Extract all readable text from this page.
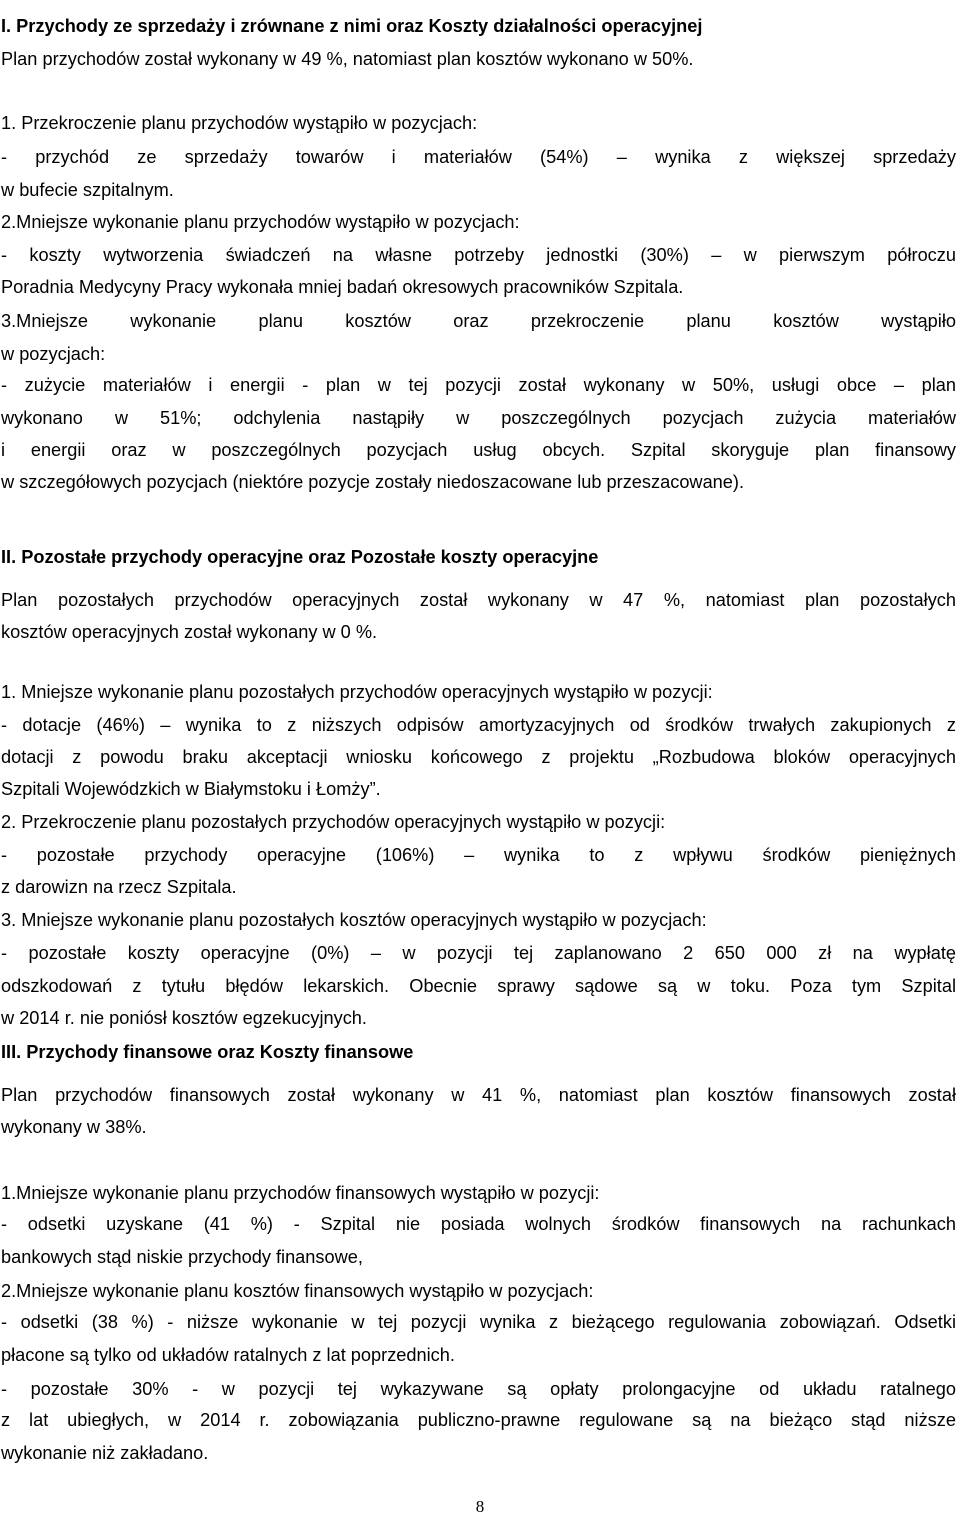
I. Przychody ze sprzedaży i zrównane z nimi oraz Koszty działalności operacyjnej
Plan przychodów został wykonany w 49 %, natomiast plan kosztów wykonano w 50%.
1. Przekroczenie planu przychodów wystąpiło w pozycjach:
- przychód ze sprzedaży towarów i materiałów (54%) – wynika z większej sprzedaży
w bufecie szpitalnym.
2.Mniejsze wykonanie planu przychodów wystąpiło w pozycjach:
- koszty wytworzenia świadczeń na własne potrzeby jednostki (30%) – w pierwszym półroczu
Poradnia Medycyny Pracy wykonała mniej badań okresowych pracowników Szpitala.
3.Mniejsze wykonanie planu kosztów oraz przekroczenie planu kosztów wystąpiło
w pozycjach:
- zużycie materiałów i energii - plan w tej pozycji został wykonany w 50%, usługi obce – plan
wykonano w 51%; odchylenia nastąpiły w poszczególnych pozycjach zużycia materiałów
i energii oraz w poszczególnych pozycjach usług obcych. Szpital skoryguje plan finansowy
w szczegółowych pozycjach (niektóre pozycje zostały niedoszacowane lub przeszacowane).
II. Pozostałe przychody operacyjne oraz Pozostałe koszty operacyjne
Plan pozostałych przychodów operacyjnych został wykonany w 47 %, natomiast plan pozostałych
kosztów operacyjnych został wykonany w 0 %.
1. Mniejsze wykonanie planu pozostałych przychodów operacyjnych wystąpiło w pozycji:
- dotacje (46%) – wynika to z niższych odpisów amortyzacyjnych od środków trwałych zakupionych z
dotacji z powodu braku akceptacji wniosku końcowego z projektu „Rozbudowa bloków operacyjnych
Szpitali Wojewódzkich w Białymstoku i Łomży”.
2. Przekroczenie planu pozostałych przychodów operacyjnych wystąpiło w pozycji:
- pozostałe przychody operacyjne (106%) – wynika to z wpływu środków pieniężnych
z darowizn na rzecz Szpitala.
3. Mniejsze wykonanie planu pozostałych kosztów operacyjnych wystąpiło w pozycjach:
- pozostałe koszty operacyjne (0%) – w pozycji tej zaplanowano 2 650 000 zł na wypłatę
odszkodowań z tytułu błędów lekarskich. Obecnie sprawy sądowe są w toku. Poza tym Szpital
w 2014 r. nie poniósł kosztów egzekucyjnych.
III. Przychody finansowe oraz Koszty finansowe
Plan przychodów finansowych został wykonany w 41 %, natomiast plan kosztów finansowych został
wykonany w 38%.
1.Mniejsze wykonanie planu przychodów finansowych wystąpiło w pozycji:
- odsetki uzyskane (41 %) - Szpital nie posiada wolnych środków finansowych na rachunkach
bankowych stąd niskie przychody finansowe,
2.Mniejsze wykonanie planu kosztów finansowych wystąpiło w pozycjach:
- odsetki (38 %) - niższe wykonanie w tej pozycji wynika z bieżącego regulowania zobowiązań. Odsetki
płacone są tylko od układów ratalnych z lat poprzednich.
- pozostałe 30% - w pozycji tej wykazywane są opłaty prolongacyjne od układu ratalnego
z lat ubiegłych, w 2014 r. zobowiązania publiczno-prawne regulowane są na bieżąco stąd niższe
wykonanie niż zakładano.
8
